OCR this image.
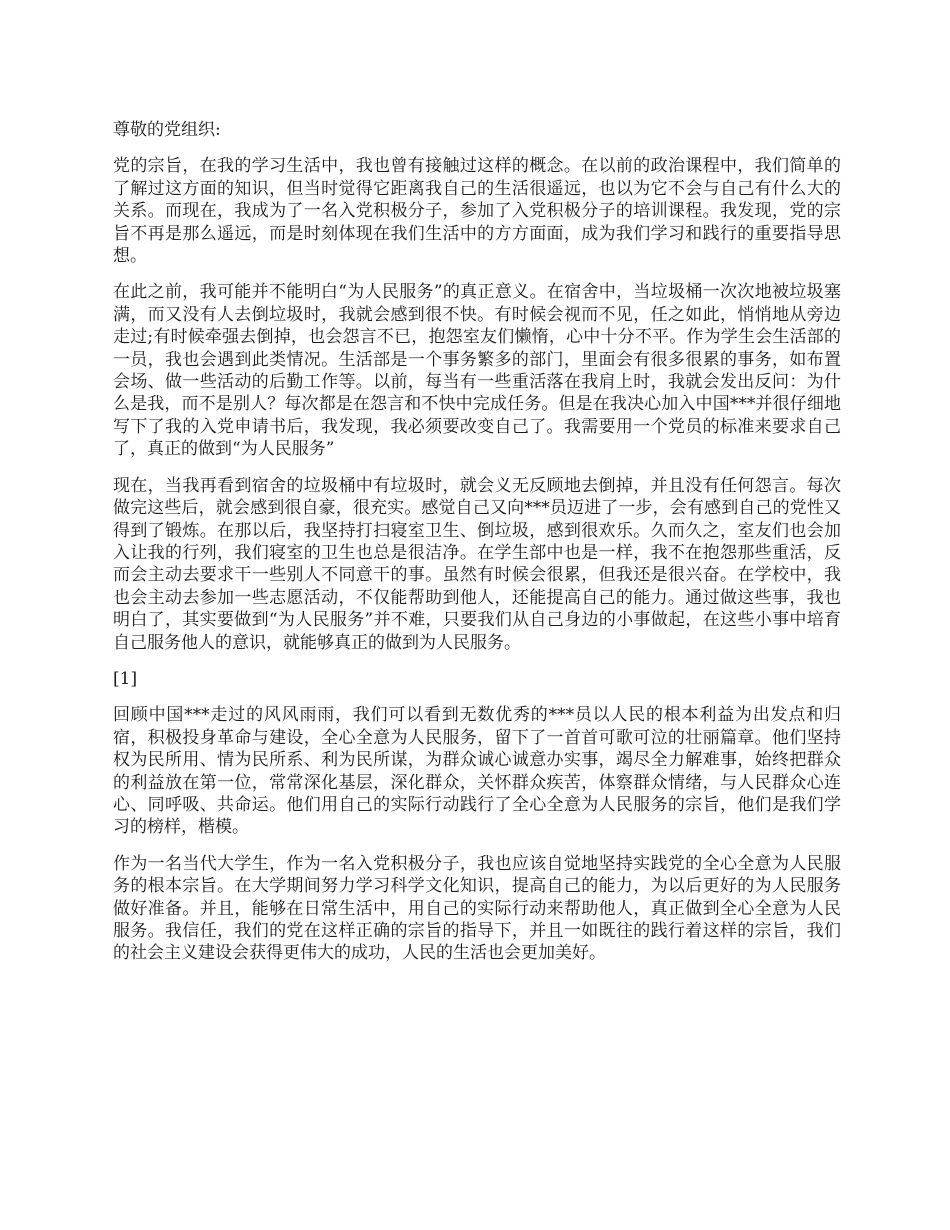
尊敬的党组织:

党的宗旨，在我的学习生活中，我也曾有接触过这样的概念。在以前的政治课程中，我们简单的了解过这方面的知识，但当时觉得它距离我自己的生活很遥远，也以为它不会与自己有什么大的关系。而现在，我成为了一名入党积极分子，参加了入党积极分子的培训课程。我发现，党的宗旨不再是那么遥远，而是时刻体现在我们生活中的方方面面，成为我们学习和践行的重要指导思想。

在此之前，我可能并不能明白“为人民服务”的真正意义。在宿舍中，当垃圾桶一次次地被垃圾塞满，而又没有人去倒垃圾时，我就会感到很不快。有时候会视而不见，任之如此，悄悄地从旁边走过;有时候牵强去倒掉，也会怨言不已，抱怨室友们懒惰，心中十分不平。作为学生会生活部的一员，我也会遇到此类情况。生活部是一个事务繁多的部门，里面会有很多很累的事务，如布置会场、做一些活动的后勤工作等。以前，每当有一些重活落在我肩上时，我就会发出反问：为什么是我，而不是别人？每次都是在怨言和不快中完成任务。但是在我决心加入中国***并很仔细地写下了我的入党申请书后，我发现，我必须要改变自己了。我需要用一个党员的标准来要求自己了，真正的做到“为人民服务”

现在，当我再看到宿舍的垃圾桶中有垃圾时，就会义无反顾地去倒掉，并且没有任何怨言。每次做完这些后，就会感到很自豪，很充实。感觉自己又向***员迈进了一步，会有感到自己的党性又得到了锻炼。在那以后，我坚持打扫寝室卫生、倒垃圾，感到很欢乐。久而久之，室友们也会加入让我的行列，我们寝室的卫生也总是很洁净。在学生部中也是一样，我不在抱怨那些重活，反而会主动去要求干一些别人不同意干的事。虽然有时候会很累，但我还是很兴奋。在学校中，我也会主动去参加一些志愿活动，不仅能帮助到他人，还能提高自己的能力。通过做这些事，我也明白了，其实要做到“为人民服务”并不难，只要我们从自己身边的小事做起，在这些小事中培育自己服务他人的意识，就能够真正的做到为人民服务。

[1]

回顾中国***走过的风风雨雨，我们可以看到无数优秀的***员以人民的根本利益为出发点和归宿，积极投身革命与建设，全心全意为人民服务，留下了一首首可歌可泣的壮丽篇章。他们坚持权为民所用、情为民所系、利为民所谋，为群众诚心诚意办实事，竭尽全力解难事，始终把群众的利益放在第一位，常常深化基层，深化群众，关怀群众疾苦，体察群众情绪，与人民群众心连心、同呼吸、共命运。他们用自己的实际行动践行了全心全意为人民服务的宗旨，他们是我们学习的榜样，楷模。

作为一名当代大学生，作为一名入党积极分子，我也应该自觉地坚持实践党的全心全意为人民服务的根本宗旨。在大学期间努力学习科学文化知识，提高自己的能力，为以后更好的为人民服务做好准备。并且，能够在日常生活中，用自己的实际行动来帮助他人，真正做到全心全意为人民服务。我信任，我们的党在这样正确的宗旨的指导下，并且一如既往的践行着这样的宗旨，我们的社会主义建设会获得更伟大的成功，人民的生活也会更加美好。
